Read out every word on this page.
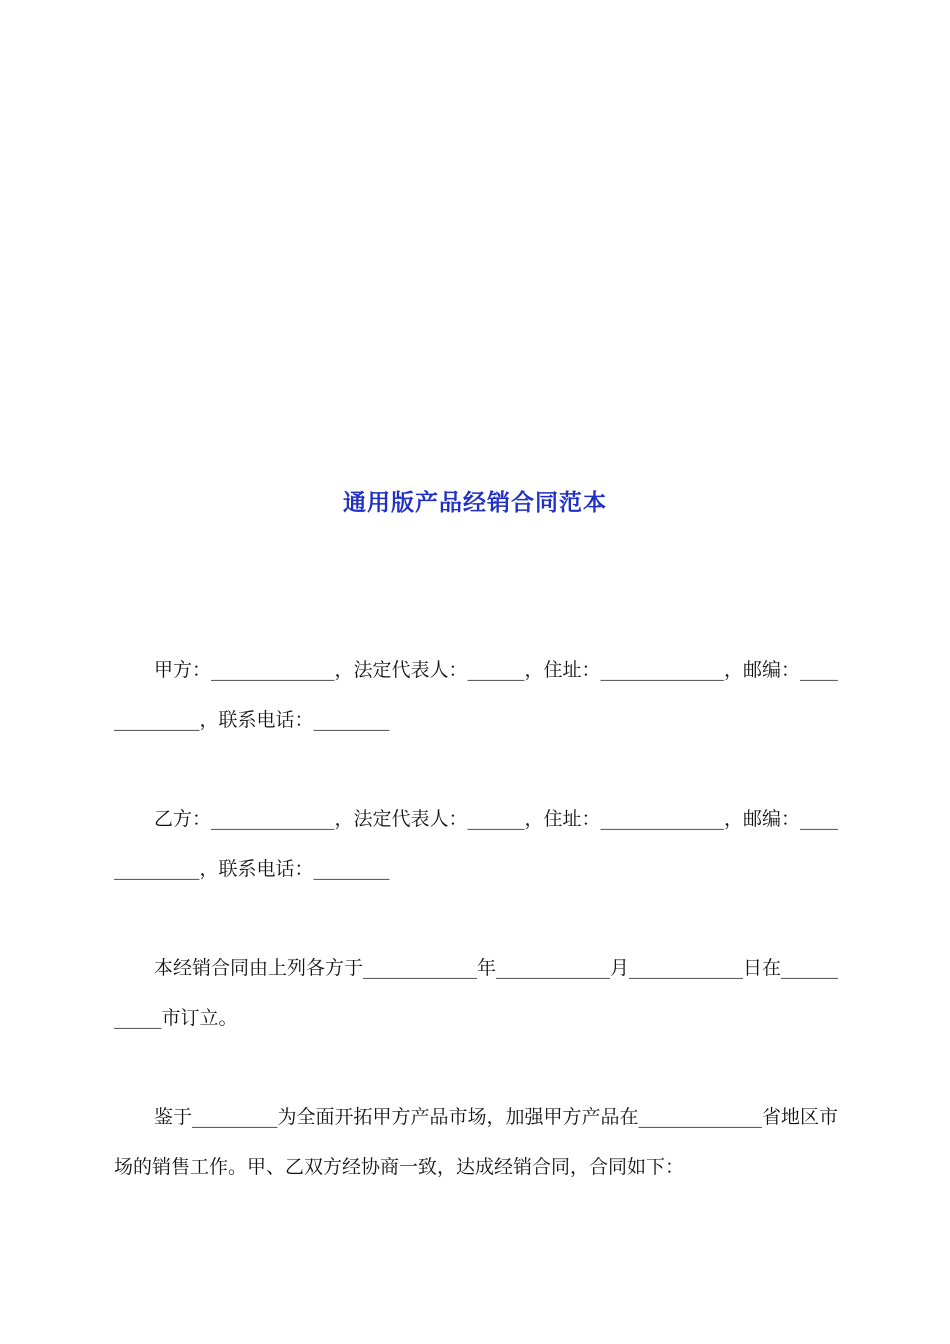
通用版产品经销合同范本

甲方：_____________，法定代表人：______，住址：_____________，邮编：_____________，联系电话：________

乙方：_____________，法定代表人：______，住址：_____________，邮编：_____________，联系电话：________

本经销合同由上列各方于____________年____________月____________日在___________市订立。

鉴于_________为全面开拓甲方产品市场，加强甲方产品在_____________省地区市场的销售工作。甲、乙双方经协商一致，达成经销合同，合同如下：
